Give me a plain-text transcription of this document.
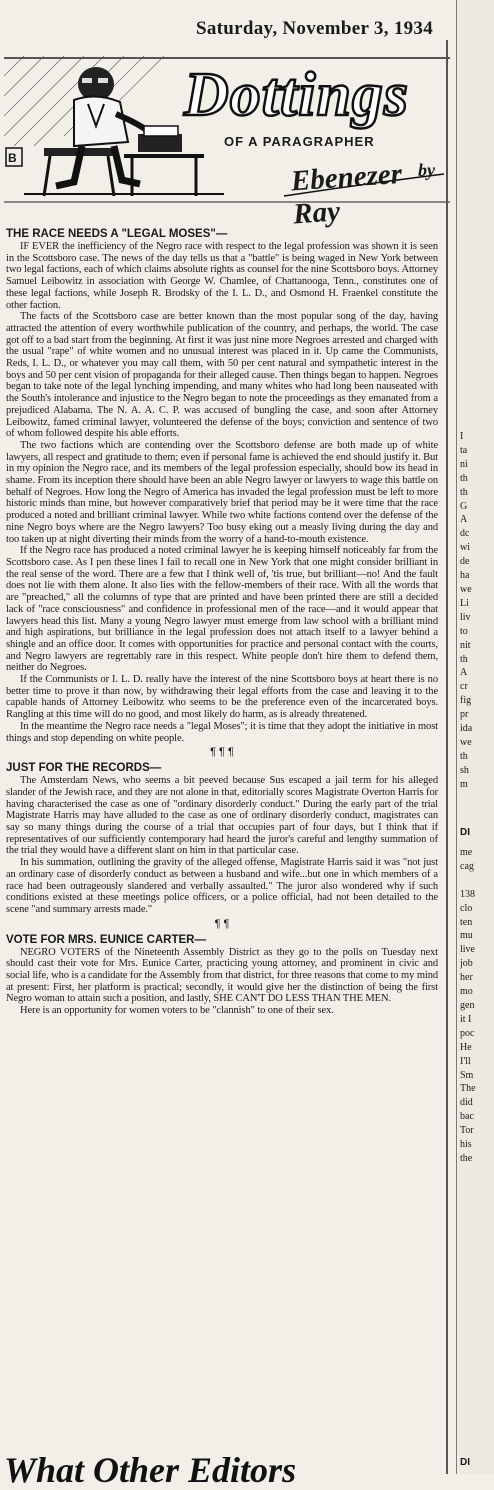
Saturday, November 3, 1934
Dottings
OF A PARAGRAPHER
Ebenezer Ray
B
by
THE RACE NEEDS A "LEGAL MOSES"—

IF EVER the inefficiency of the Negro race with respect to the legal profession was shown it is seen in the Scottsboro case. The news of the day tells us that a "battle" is being waged in New York between two legal factions, each of which claims absolute rights as counsel for the nine Scottsboro boys. Attorney Samuel Leibowitz in association with George W. Chamlee, of Chattanooga, Tenn., constitutes one of these legal factions, while Joseph R. Brodsky of the I. L. D., and Osmond H. Fraenkel constitute the other faction.

The facts of the Scottsboro case are better known than the most popular song of the day, having attracted the attention of every worthwhile publication of the country, and perhaps, the world. The case got off to a bad start from the beginning. At first it was just nine more Negroes arrested and charged with the usual "rape" of white women and no unusual interest was placed in it. Up came the Communists, Reds, I. L. D., or whatever you may call them, with 50 per cent natural and sympathetic interest in the boys and 50 per cent vision of propaganda for their alleged cause. Then things began to happen. Negroes began to take note of the legal lynching impending, and many whites who had long been nauseated with the South's intolerance and injustice to the Negro began to note the proceedings as they emanated from a prejudiced Alabama. The N. A. A. C. P. was accused of bungling the case, and soon after Attorney Leibowitz, famed criminal lawyer, volunteered the defense of the boys; conviction and sentence of two of whom followed despite his able efforts.

The two factions which are contending over the Scottsboro defense are both made up of white lawyers, all respect and gratitude to them; even if personal fame is achieved the end should justify it. But in my opinion the Negro race, and its members of the legal profession especially, should bow its head in shame. From its inception there should have been an able Negro lawyer or lawyers to wage this battle on behalf of Negroes. How long the Negro of America has invaded the legal profession must be left to more historic minds than mine, but however comparatively brief that period may be it were time that the race produced a noted and brilliant criminal lawyer. While two white factions contend over the defense of the nine Negro boys where are the Negro lawyers? Too busy eking out a measly living during the day and too taken up at night diverting their minds from the worry of a hand-to-mouth existence.

If the Negro race has produced a noted criminal lawyer he is keeping himself noticeably far from the Scottsboro case. As I pen these lines I fail to recall one in New York that one might consider brilliant in the real sense of the word. There are a few that I think well of, 'tis true, but brilliant—no! And the fault does not lie with them alone. It also lies with the fellow-members of their race. With all the words that are "preached," all the columns of type that are printed and have been printed there are still a decided lack of "race consciousness" and confidence in professional men of the race—and it would appear that lawyers head this list. Many a young Negro lawyer must emerge from law school with a brilliant mind and high aspirations, but brilliance in the legal profession does not attach itself to a lawyer behind a shingle and an office door. It comes with opportunities for practice and personal contact with the courts, and Negro lawyers are regrettably rare in this respect. White people don't hire them to defend them, neither do Negroes.

If the Communists or I. L. D. really have the interest of the nine Scottsboro boys at heart there is no better time to prove it than now, by withdrawing their legal efforts from the case and leaving it to the capable hands of Attorney Leibowitz who seems to be the preference even of the incarcerated boys. Rangling at this time will do no good, and most likely do harm, as is already threatened.

In the meantime the Negro race needs a "legal Moses"; it is time that they adopt the initiative in most things and stop depending on white people.

¶ ¶ ¶
JUST FOR THE RECORDS—

The Amsterdam News, who seems a bit peeved because Sus escaped a jail term for his alleged slander of the Jewish race, and they are not alone in that, editorially scores Magistrate Overton Harris for having characterised the case as one of "ordinary disorderly conduct." During the early part of the trial Magistrate Harris may have alluded to the case as one of ordinary disorderly conduct, magistrates can say so many things during the course of a trial that occupies part of four days, but I think that if representatives of our sufficiently contemporary had heard the juror's careful and lengthy summation of the trial they would have a different slant on him in that particular case.

In his summation, outlining the gravity of the alleged offense, Magistrate Harris said it was "not just an ordinary case of disorderly conduct as between a husband and wife...but one in which members of a race had been outrageously slandered and verbally assaulted." The juror also wondered why if such conditions existed at these meetings police officers, or a police official, had not been detailed to the scene "and summary arrests made."

¶ ¶
VOTE FOR MRS. EUNICE CARTER—

NEGRO VOTERS of the Nineteenth Assembly District as they go to the polls on Tuesday next should cast their vote for Mrs. Eunice Carter, practicing young attorney, and prominent in civic and social life, who is a candidate for the Assembly from that district, for three reasons that come to my mind at present: First, her platform is practical; secondly, it would give her the distinction of being the first Negro woman to attain such a position, and lastly, SHE CAN'T DO LESS THAN THE MEN.

Here is an opportunity for women voters to be "clannish" to one of their sex.

What Other Editors
I
ta
ni
th
th
G
A
dc
wi
de
ha
we
Li
liv
to
nit
th
A
cr
fig
pr
ida
we
th
sh
m
DI
me
cag

138
clo
ten
mu
live
job
her
mo
gen
it I
poc
He
I'll
Sm
The
did
bac
Tor
his
the
DI
